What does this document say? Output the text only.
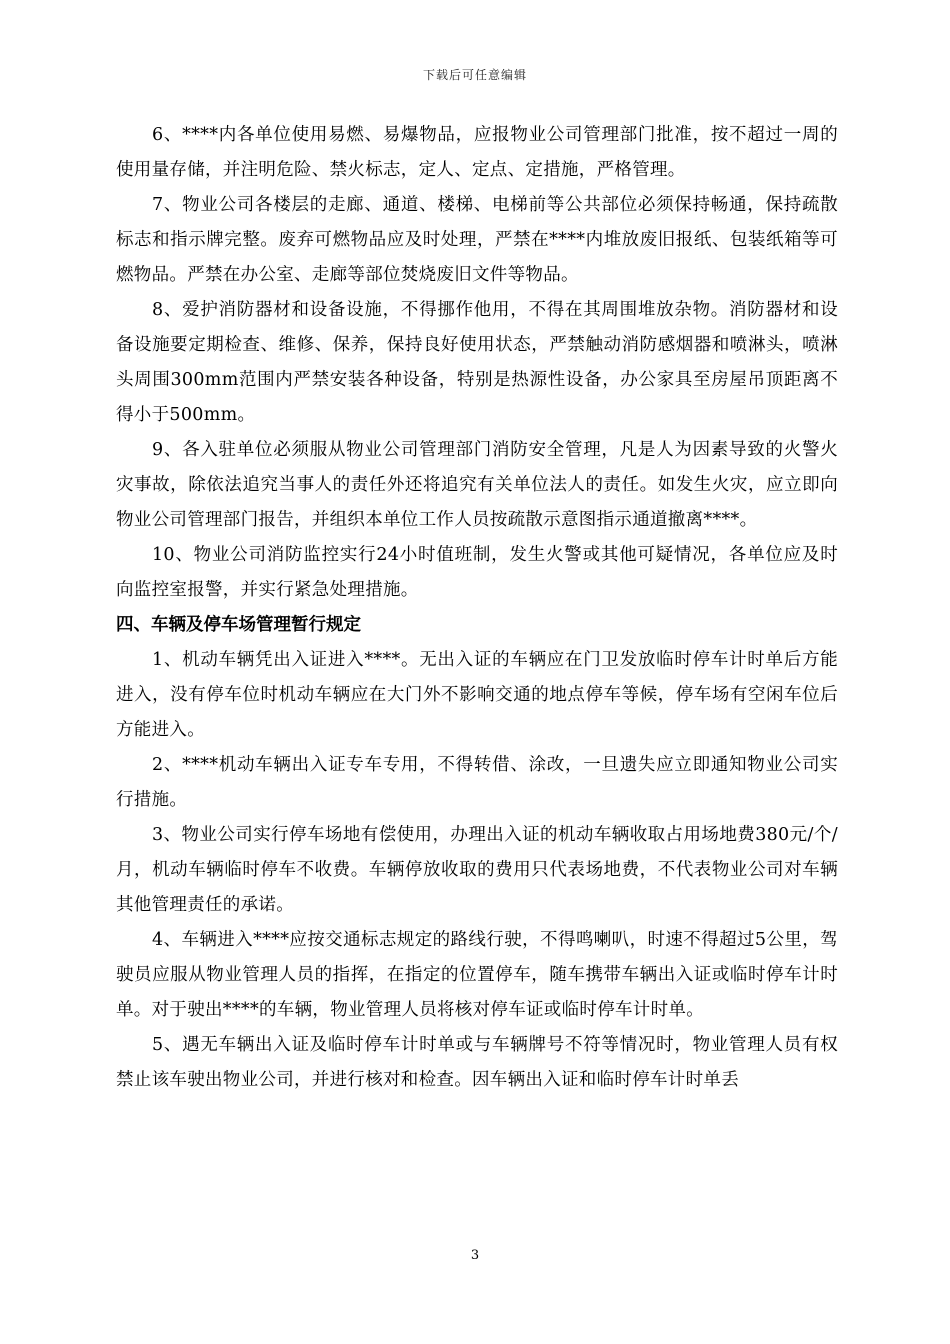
下载后可任意编辑

6、****内各单位使用易燃、易爆物品，应报物业公司管理部门批准，按不超过一周的使用量存储，并注明危险、禁火标志，定人、定点、定措施，严格管理。

7、物业公司各楼层的走廊、通道、楼梯、电梯前等公共部位必须保持畅通，保持疏散标志和指示牌完整。废弃可燃物品应及时处理，严禁在****内堆放废旧报纸、包装纸箱等可燃物品。严禁在办公室、走廊等部位焚烧废旧文件等物品。

8、爱护消防器材和设备设施，不得挪作他用，不得在其周围堆放杂物。消防器材和设备设施要定期检查、维修、保养，保持良好使用状态，严禁触动消防感烟器和喷淋头，喷淋头周围300mm范围内严禁安装各种设备，特别是热源性设备，办公家具至房屋吊顶距离不得小于500mm。

9、各入驻单位必须服从物业公司管理部门消防安全管理，凡是人为因素导致的火警火灾事故，除依法追究当事人的责任外还将追究有关单位法人的责任。如发生火灾，应立即向物业公司管理部门报告，并组织本单位工作人员按疏散示意图指示通道撤离****。

10、物业公司消防监控实行24小时值班制，发生火警或其他可疑情况，各单位应及时向监控室报警，并实行紧急处理措施。

四、车辆及停车场管理暂行规定

1、机动车辆凭出入证进入****。无出入证的车辆应在门卫发放临时停车计时单后方能进入，没有停车位时机动车辆应在大门外不影响交通的地点停车等候，停车场有空闲车位后方能进入。

2、****机动车辆出入证专车专用，不得转借、涂改，一旦遗失应立即通知物业公司实行措施。

3、物业公司实行停车场地有偿使用，办理出入证的机动车辆收取占用场地费380元/个/月，机动车辆临时停车不收费。车辆停放收取的费用只代表场地费，不代表物业公司对车辆其他管理责任的承诺。

4、车辆进入****应按交通标志规定的路线行驶，不得鸣喇叭，时速不得超过5公里，驾驶员应服从物业管理人员的指挥，在指定的位置停车，随车携带车辆出入证或临时停车计时单。对于驶出****的车辆，物业管理人员将核对停车证或临时停车计时单。

5、遇无车辆出入证及临时停车计时单或与车辆牌号不符等情况时，物业管理人员有权禁止该车驶出物业公司，并进行核对和检查。因车辆出入证和临时停车计时单丢

3
